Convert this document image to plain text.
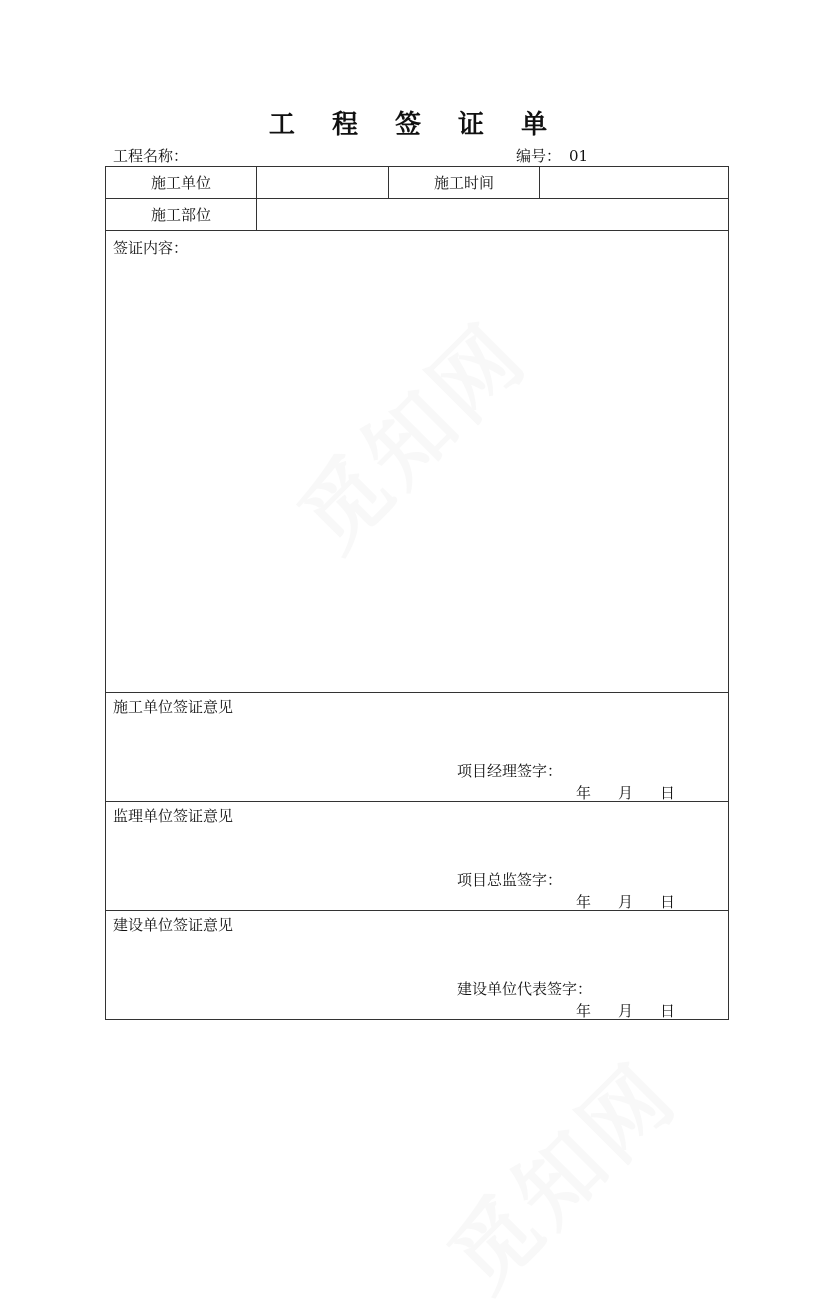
觅知网
觅知网
工 程 签 证 单
工程名称：	编号： 01
施工单位		施工时间	
施工部位			

签证内容：			

施工单位签证意见
项目经理签字：
年 月 日			

监理单位签证意见
项目总监签字：
年 月 日			

建设单位签证意见
建设单位代表签字：
年 月 日			
